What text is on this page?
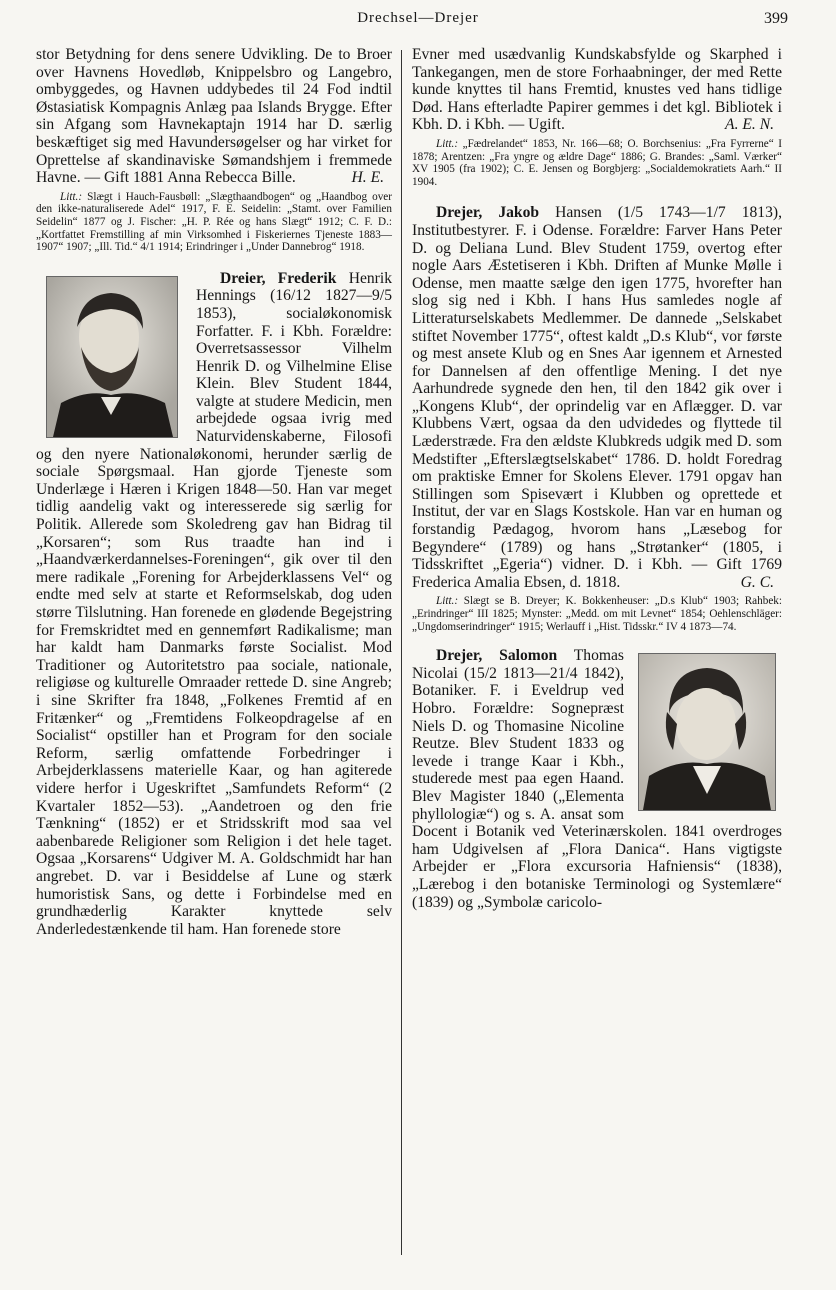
Drechsel—Drejer	399

stor Betydning for dens senere Udvikling. De to Broer over Havnens Hovedløb, Knippelsbro og Langebro, ombyggedes, og Havnen uddybedes til 24 Fod indtil Østasiatisk Kompagnis Anlæg paa Islands Brygge. Efter sin Afgang som Havnekaptajn 1914 har D. særlig beskæftiget sig med Havundersøgelser og har virket for Oprettelse af skandinaviske Sømandshjem i fremmede Havne. — Gift 1881 Anna Rebecca Bille.	H. E.

Litt.: Slægt i Hauch-Fausbøll: „Slægthaandbogen“ og „Haandbog over den ikke-naturaliserede Adel“ 1917, F. E. Seidelin: „Stamt. over Familien Seidelin“ 1877 og J. Fischer: „H. P. Rée og hans Slægt“ 1912; C. F. D.: „Kortfattet Fremstilling af min Virksomhed i Fiskeriernes Tjeneste 1883—1907“ 1907; „Ill. Tid.“ 4/1 1914; Erindringer i „Under Dannebrog“ 1918.

Dreier, Frederik
Henrik Hennings (16/12 1827—9/5 1853), socialøkonomisk Forfatter. F. i Kbh. Forældre: Overretsassessor Vilhelm Henrik D. og Vilhelmine Elise Klein. Blev Student 1844, valgte at studere Medicin, men arbejdede ogsaa ivrig med Naturvidenskaberne, Filosofi og den nyere Nationaløkonomi, herunder særlig de sociale Spørgsmaal. Han gjorde Tjeneste som Underlæge i Hæren i Krigen 1848—50. Han var meget tidlig aandelig vakt og interesserede sig særlig for Politik. Allerede som Skoledreng gav han Bidrag til „Korsaren“; som Rus traadte han ind i „Haandværkerdannelses-Foreningen“, gik over til den mere radikale „Forening for Arbejderklassens Vel“ og endte med selv at starte et Reformselskab, dog uden større Tilslutning. Han forenede en glødende Begejstring for Fremskridtet med en gennemført Radikalisme; man har kaldt ham Danmarks første Socialist. Mod Traditioner og Autoritetstro paa sociale, nationale, religiøse og kulturelle Omraader rettede D. sine Angreb; i sine Skrifter fra 1848, „Folkenes Fremtid af en Fritænker“ og „Fremtidens Folkeopdragelse af en Socialist“ opstiller han et Program for den sociale Reform, særlig omfattende Forbedringer i Arbejderklassens materielle Kaar, og han agiterede videre herfor i Ugeskriftet „Samfundets Reform“ (2 Kvartaler 1852—53). „Aandetroen og den frie Tænkning“ (1852) er et Stridsskrift mod saa vel aabenbarede Religioner som Religion i det hele taget. Ogsaa „Korsarens“ Udgiver M. A. Goldschmidt har han angrebet. D. var i Besiddelse af Lune og stærk humoristisk Sans, og dette i Forbindelse med en grundhæderlig Karakter knyttede selv Anderledestænkende til ham. Han forenede store

Evner med usædvanlig Kundskabsfylde og Skarphed i Tankegangen, men de store Forhaabninger, der med Rette kunde knyttes til hans Fremtid, knustes ved hans tidlige Død. Hans efterladte Papirer gemmes i det kgl. Bibliotek i Kbh. D. i Kbh. — Ugift.	A. E. N.

Litt.: „Fædrelandet“ 1853, Nr. 166—68; O. Borchsenius: „Fra Fyrrerne“ I 1878; Arentzen: „Fra yngre og ældre Dage“ 1886; G. Brandes: „Saml. Værker“ XV 1905 (fra 1902); C. E. Jensen og Borgbjerg: „Socialdemokratiets Aarh.“ II 1904.

Drejer, Jakob Hansen (1/5 1743—1/7 1813), Institutbestyrer. F. i Odense. Forældre: Farver Hans Peter D. og Deliana Lund. Blev Student 1759, overtog efter nogle Aars Æstetiseren i Kbh. Driften af Munke Mølle i Odense, men maatte sælge den igen 1775, hvorefter han slog sig ned i Kbh. I hans Hus samledes nogle af Litteraturselskabets Medlemmer. De dannede „Selskabet stiftet November 1775“, oftest kaldt „D.s Klub“, vor første og mest ansete Klub og en Snes Aar igennem et Arnested for Dannelsen af den offentlige Mening. I det nye Aarhundrede sygnede den hen, til den 1842 gik over i „Kongens Klub“, der oprindelig var en Aflægger. D. var Klubbens Vært, ogsaa da den udvidedes og flyttede til Læderstræde. Fra den ældste Klubkreds udgik med D. som Medstifter „Efterslægtselskabet“ 1786. D. holdt Foredrag om praktiske Emner for Skolens Elever. 1791 opgav han Stillingen som Spisevært i Klubben og oprettede et Institut, der var en Slags Kostskole. Han var en human og forstandig Pædagog, hvorom hans „Læsebog for Begyndere“ (1789) og hans „Strøtanker“ (1805, i Tidsskriftet „Egeria“) vidner. D. i Kbh. — Gift 1769 Frederica Amalia Ebsen, d. 1818.	G. C.

Litt.: Slægt se B. Dreyer; K. Bokkenheuser: „D.s Klub“ 1903; Rahbek: „Erindringer“ III 1825; Mynster: „Medd. om mit Levnet“ 1854; Oehlenschläger: „Ungdomserindringer“ 1915; Werlauff i „Hist. Tidsskr.“ IV 4 1873—74.

Drejer, Salomon
Thomas Nicolai (15/2 1813—21/4 1842), Botaniker. F. i Eveldrup ved Hobro. Forældre: Sognepræst Niels D. og Thomasine Nicoline Reutze. Blev Student 1833 og levede i trange Kaar i Kbh., studerede mest paa egen Haand. Blev Magister 1840 („Elementa phyllologiæ“) og s. A. ansat som Docent i Botanik ved Veterinærskolen. 1841 overdroges ham Udgivelsen af „Flora Danica“. Hans vigtigste Arbejder er „Flora excursoria Hafniensis“ (1838), „Lærebog i den botaniske Terminologi og Systemlære“ (1839) og „Symbolæ caricolo-
